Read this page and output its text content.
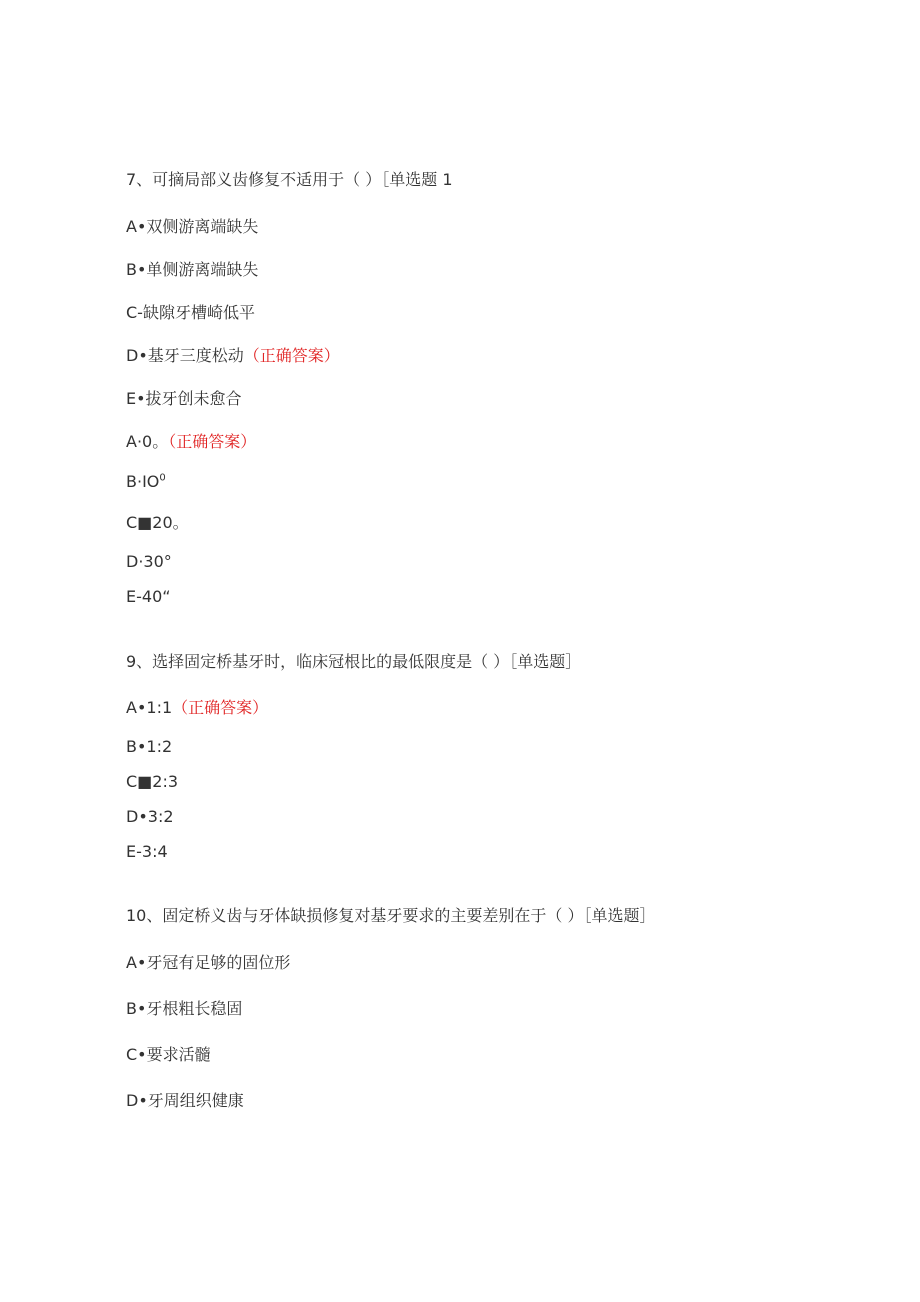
7、可摘局部义齿修复不适用于（ ）［单选题 1
A•双侧游离端缺失
B•单侧游离端缺失
C-缺隙牙槽崎低平
D•基牙三度松动（正确答案）
E•拔牙创未愈合
A·0。（正确答案）
$B\cdot IO^0$
C■20。
D·30°
E-40“
9、选择固定桥基牙时，临床冠根比的最低限度是（ ）［单选题］
A•1:1（正确答案）
B•1:2
C■2:3
D•3:2
E-3:4
10、固定桥义齿与牙体缺损修复对基牙要求的主要差别在于（ ）［单选题］
A•牙冠有足够的固位形
B•牙根粗长稳固
C•要求活髓
D•牙周组织健康
